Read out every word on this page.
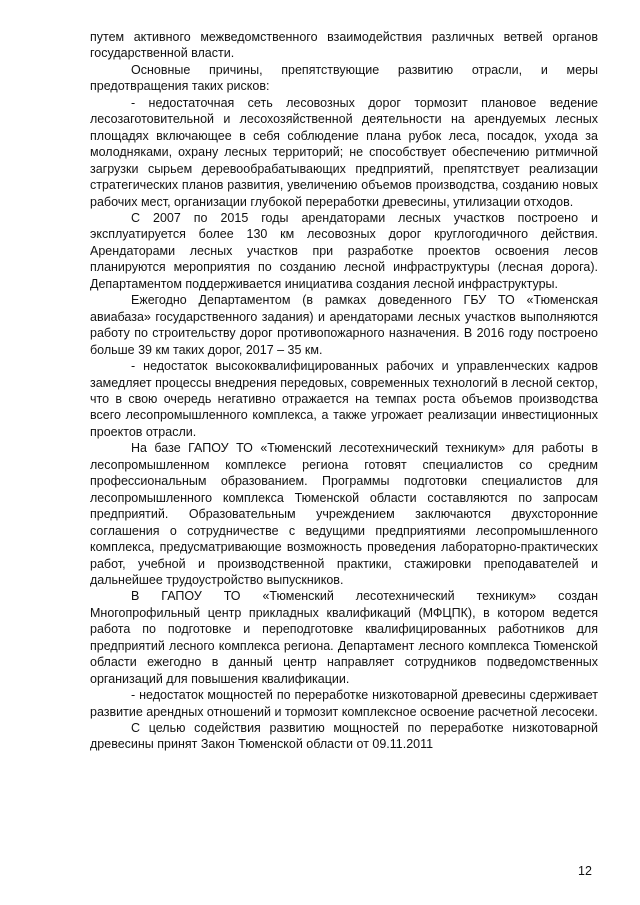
путем активного межведомственного взаимодействия различных ветвей органов государственной власти.

Основные причины, препятствующие развитию отрасли, и меры предотвращения таких рисков:

- недостаточная сеть лесовозных дорог тормозит плановое ведение лесозаготовительной и лесохозяйственной деятельности на арендуемых лесных площадях включающее в себя соблюдение плана рубок леса, посадок, ухода за молодняками, охрану лесных территорий; не способствует обеспечению ритмичной загрузки сырьем деревообрабатывающих предприятий, препятствует реализации стратегических планов развития, увеличению объемов производства, созданию новых рабочих мест, организации глубокой переработки древесины, утилизации отходов.

С 2007 по 2015 годы арендаторами лесных участков построено и эксплуатируется более 130 км лесовозных дорог круглогодичного действия. Арендаторами лесных участков при разработке проектов освоения лесов планируются мероприятия по созданию лесной инфраструктуры (лесная дорога). Департаментом поддерживается инициатива создания лесной инфраструктуры.

Ежегодно Департаментом (в рамках доведенного ГБУ ТО «Тюменская авиабаза» государственного задания) и арендаторами лесных участков выполняются работу по строительству дорог противопожарного назначения. В 2016 году построено больше 39 км таких дорог, 2017 – 35 км.

- недостаток высококвалифицированных рабочих и управленческих кадров замедляет процессы внедрения передовых, современных технологий в лесной сектор, что в свою очередь негативно отражается на темпах роста объемов производства всего лесопромышленного комплекса, а также угрожает реализации инвестиционных проектов отрасли.

На базе ГАПОУ ТО «Тюменский лесотехнический техникум» для работы в лесопромышленном комплексе региона готовят специалистов со средним профессиональным образованием. Программы подготовки специалистов для лесопромышленного комплекса Тюменской области составляются по запросам предприятий. Образовательным учреждением заключаются двухсторонние соглашения о сотрудничестве с ведущими предприятиями лесопромышленного комплекса, предусматривающие возможность проведения лабораторно-практических работ, учебной и производственной практики, стажировки преподавателей и дальнейшее трудоустройство выпускников.

В ГАПОУ ТО «Тюменский лесотехнический техникум» создан Многопрофильный центр прикладных квалификаций (МФЦПК), в котором ведется работа по подготовке и переподготовке квалифицированных работников для предприятий лесного комплекса региона. Департамент лесного комплекса Тюменской области ежегодно в данный центр направляет сотрудников подведомственных организаций для повышения квалификации.

- недостаток мощностей по переработке низкотоварной древесины сдерживает развитие арендных отношений и тормозит комплексное освоение расчетной лесосеки.

С целью содействия развитию мощностей по переработке низкотоварной древесины принят Закон Тюменской области от 09.11.2011

12
